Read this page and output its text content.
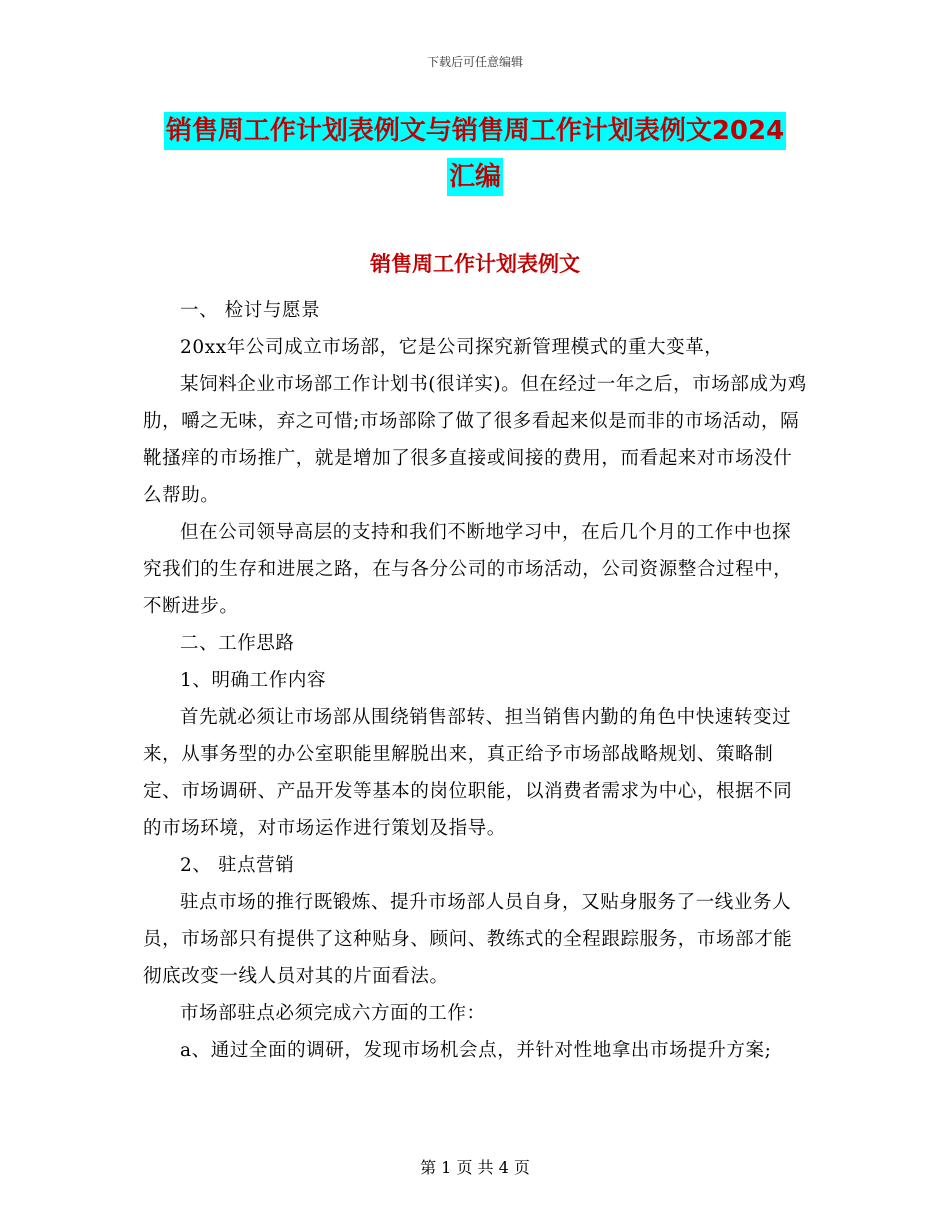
下载后可任意编辑
销售周工作计划表例文与销售周工作计划表例文2024
汇编
销售周工作计划表例文

一、 检讨与愿景

20xx年公司成立市场部，它是公司探究新管理模式的重大变革，

某饲料企业市场部工作计划书(很详实)。但在经过一年之后，市场部成为鸡肋，嚼之无味，弃之可惜;市场部除了做了很多看起来似是而非的市场活动，隔靴搔痒的市场推广，就是增加了很多直接或间接的费用，而看起来对市场没什么帮助。

但在公司领导高层的支持和我们不断地学习中，在后几个月的工作中也探究我们的生存和进展之路，在与各分公司的市场活动，公司资源整合过程中，不断进步。

二、工作思路

1、明确工作内容

首先就必须让市场部从围绕销售部转、担当销售内勤的角色中快速转变过来，从事务型的办公室职能里解脱出来，真正给予市场部战略规划、策略制定、市场调研、产品开发等基本的岗位职能，以消费者需求为中心，根据不同的市场环境，对市场运作进行策划及指导。

2、 驻点营销

驻点市场的推行既锻炼、提升市场部人员自身，又贴身服务了一线业务人员，市场部只有提供了这种贴身、顾问、教练式的全程跟踪服务，市场部才能彻底改变一线人员对其的片面看法。

市场部驻点必须完成六方面的工作：

a、通过全面的调研，发现市场机会点，并针对性地拿出市场提升方案;

第 1 页 共 4 页
